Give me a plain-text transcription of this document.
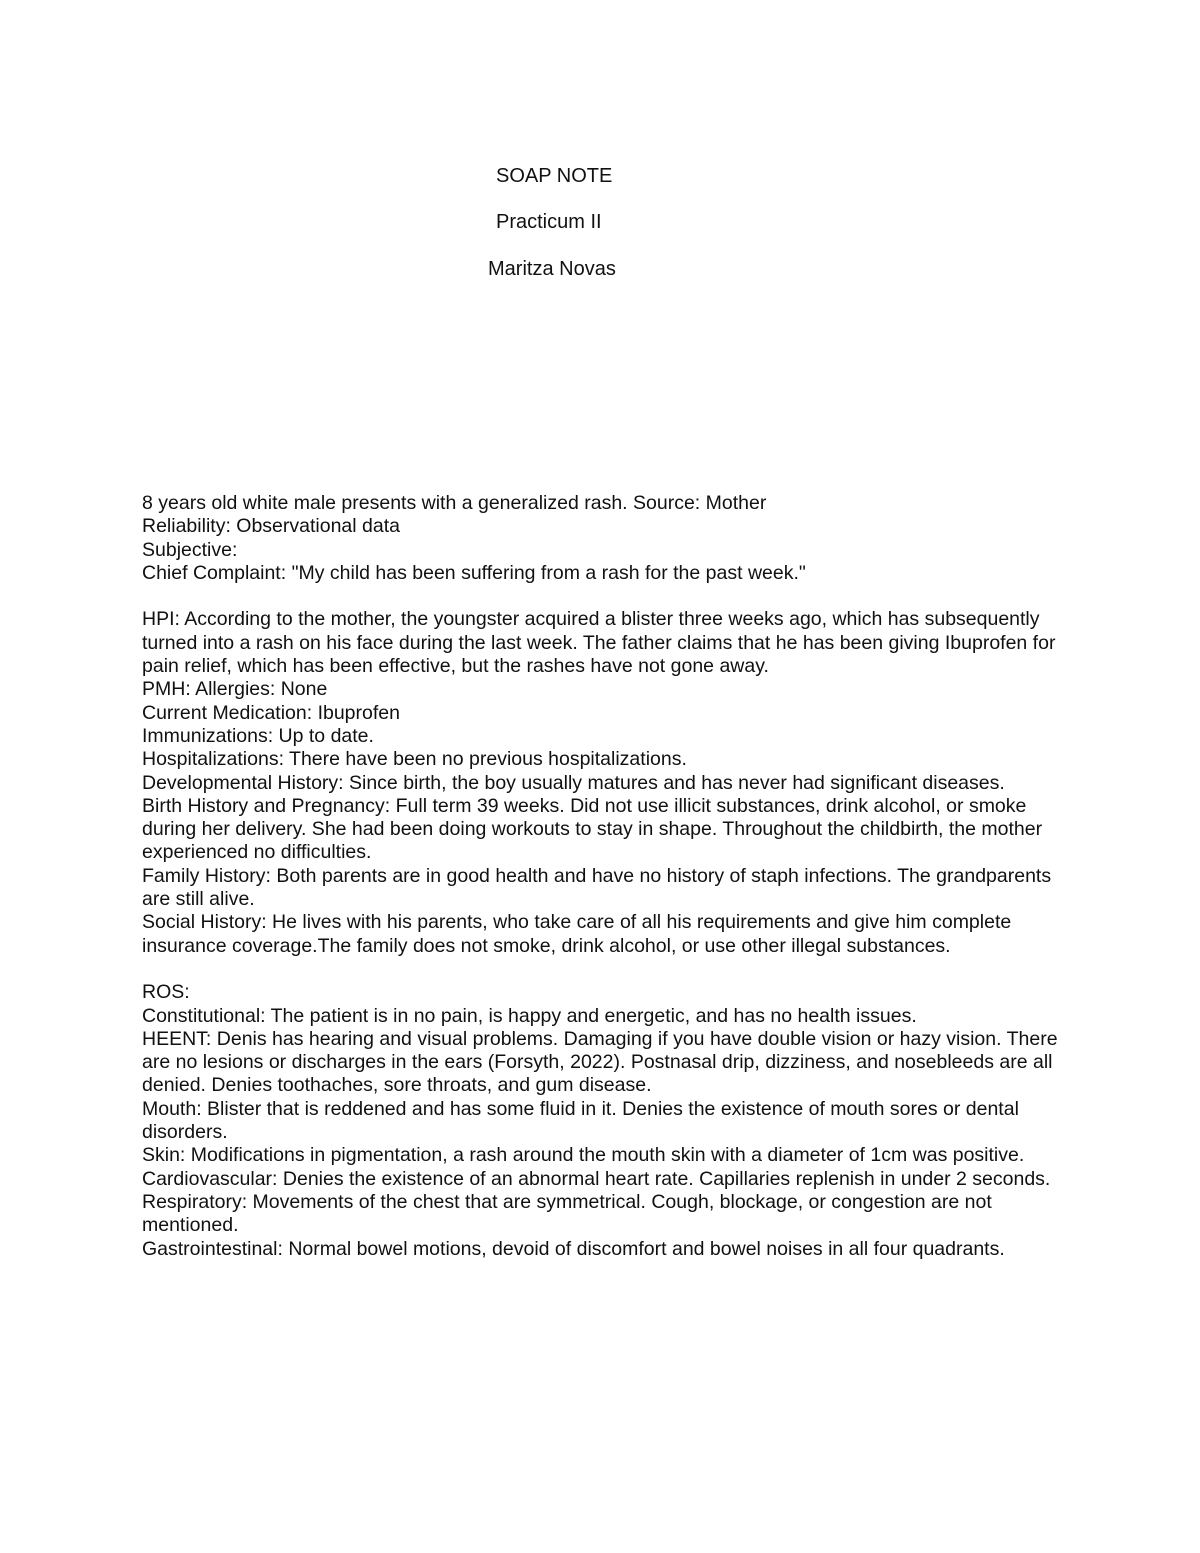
SOAP NOTE
Practicum II
Maritza Novas

8 years old white male presents with a generalized rash. Source: Mother

Reliability: Observational data

Subjective:

Chief Complaint: "My child has been suffering from a rash for the past week."

HPI: According to the mother, the youngster acquired a blister three weeks ago, which has subsequently turned into a rash on his face during the last week. The father claims that he has been giving Ibuprofen for pain relief, which has been effective, but the rashes have not gone away.

PMH: Allergies: None

Current Medication: Ibuprofen

Immunizations: Up to date.

Hospitalizations: There have been no previous hospitalizations.

Developmental History: Since birth, the boy usually matures and has never had significant diseases.

Birth History and Pregnancy: Full term 39 weeks. Did not use illicit substances, drink alcohol, or smoke during her delivery. She had been doing workouts to stay in shape. Throughout the childbirth, the mother experienced no difficulties.

Family History: Both parents are in good health and have no history of staph infections. The grandparents are still alive.

Social History: He lives with his parents, who take care of all his requirements and give him complete insurance coverage.The family does not smoke, drink alcohol, or use other illegal substances.

ROS:

Constitutional: The patient is in no pain, is happy and energetic, and has no health issues.

HEENT: Denis has hearing and visual problems. Damaging if you have double vision or hazy vision. There are no lesions or discharges in the ears (Forsyth, 2022). Postnasal drip, dizziness, and nosebleeds are all denied. Denies toothaches, sore throats, and gum disease.

Mouth: Blister that is reddened and has some fluid in it. Denies the existence of mouth sores or dental disorders.

Skin: Modifications in pigmentation, a rash around the mouth skin with a diameter of 1cm was positive.

Cardiovascular: Denies the existence of an abnormal heart rate. Capillaries replenish in under 2 seconds.

Respiratory: Movements of the chest that are symmetrical. Cough, blockage, or congestion are not mentioned.

Gastrointestinal: Normal bowel motions, devoid of discomfort and bowel noises in all four quadrants.
